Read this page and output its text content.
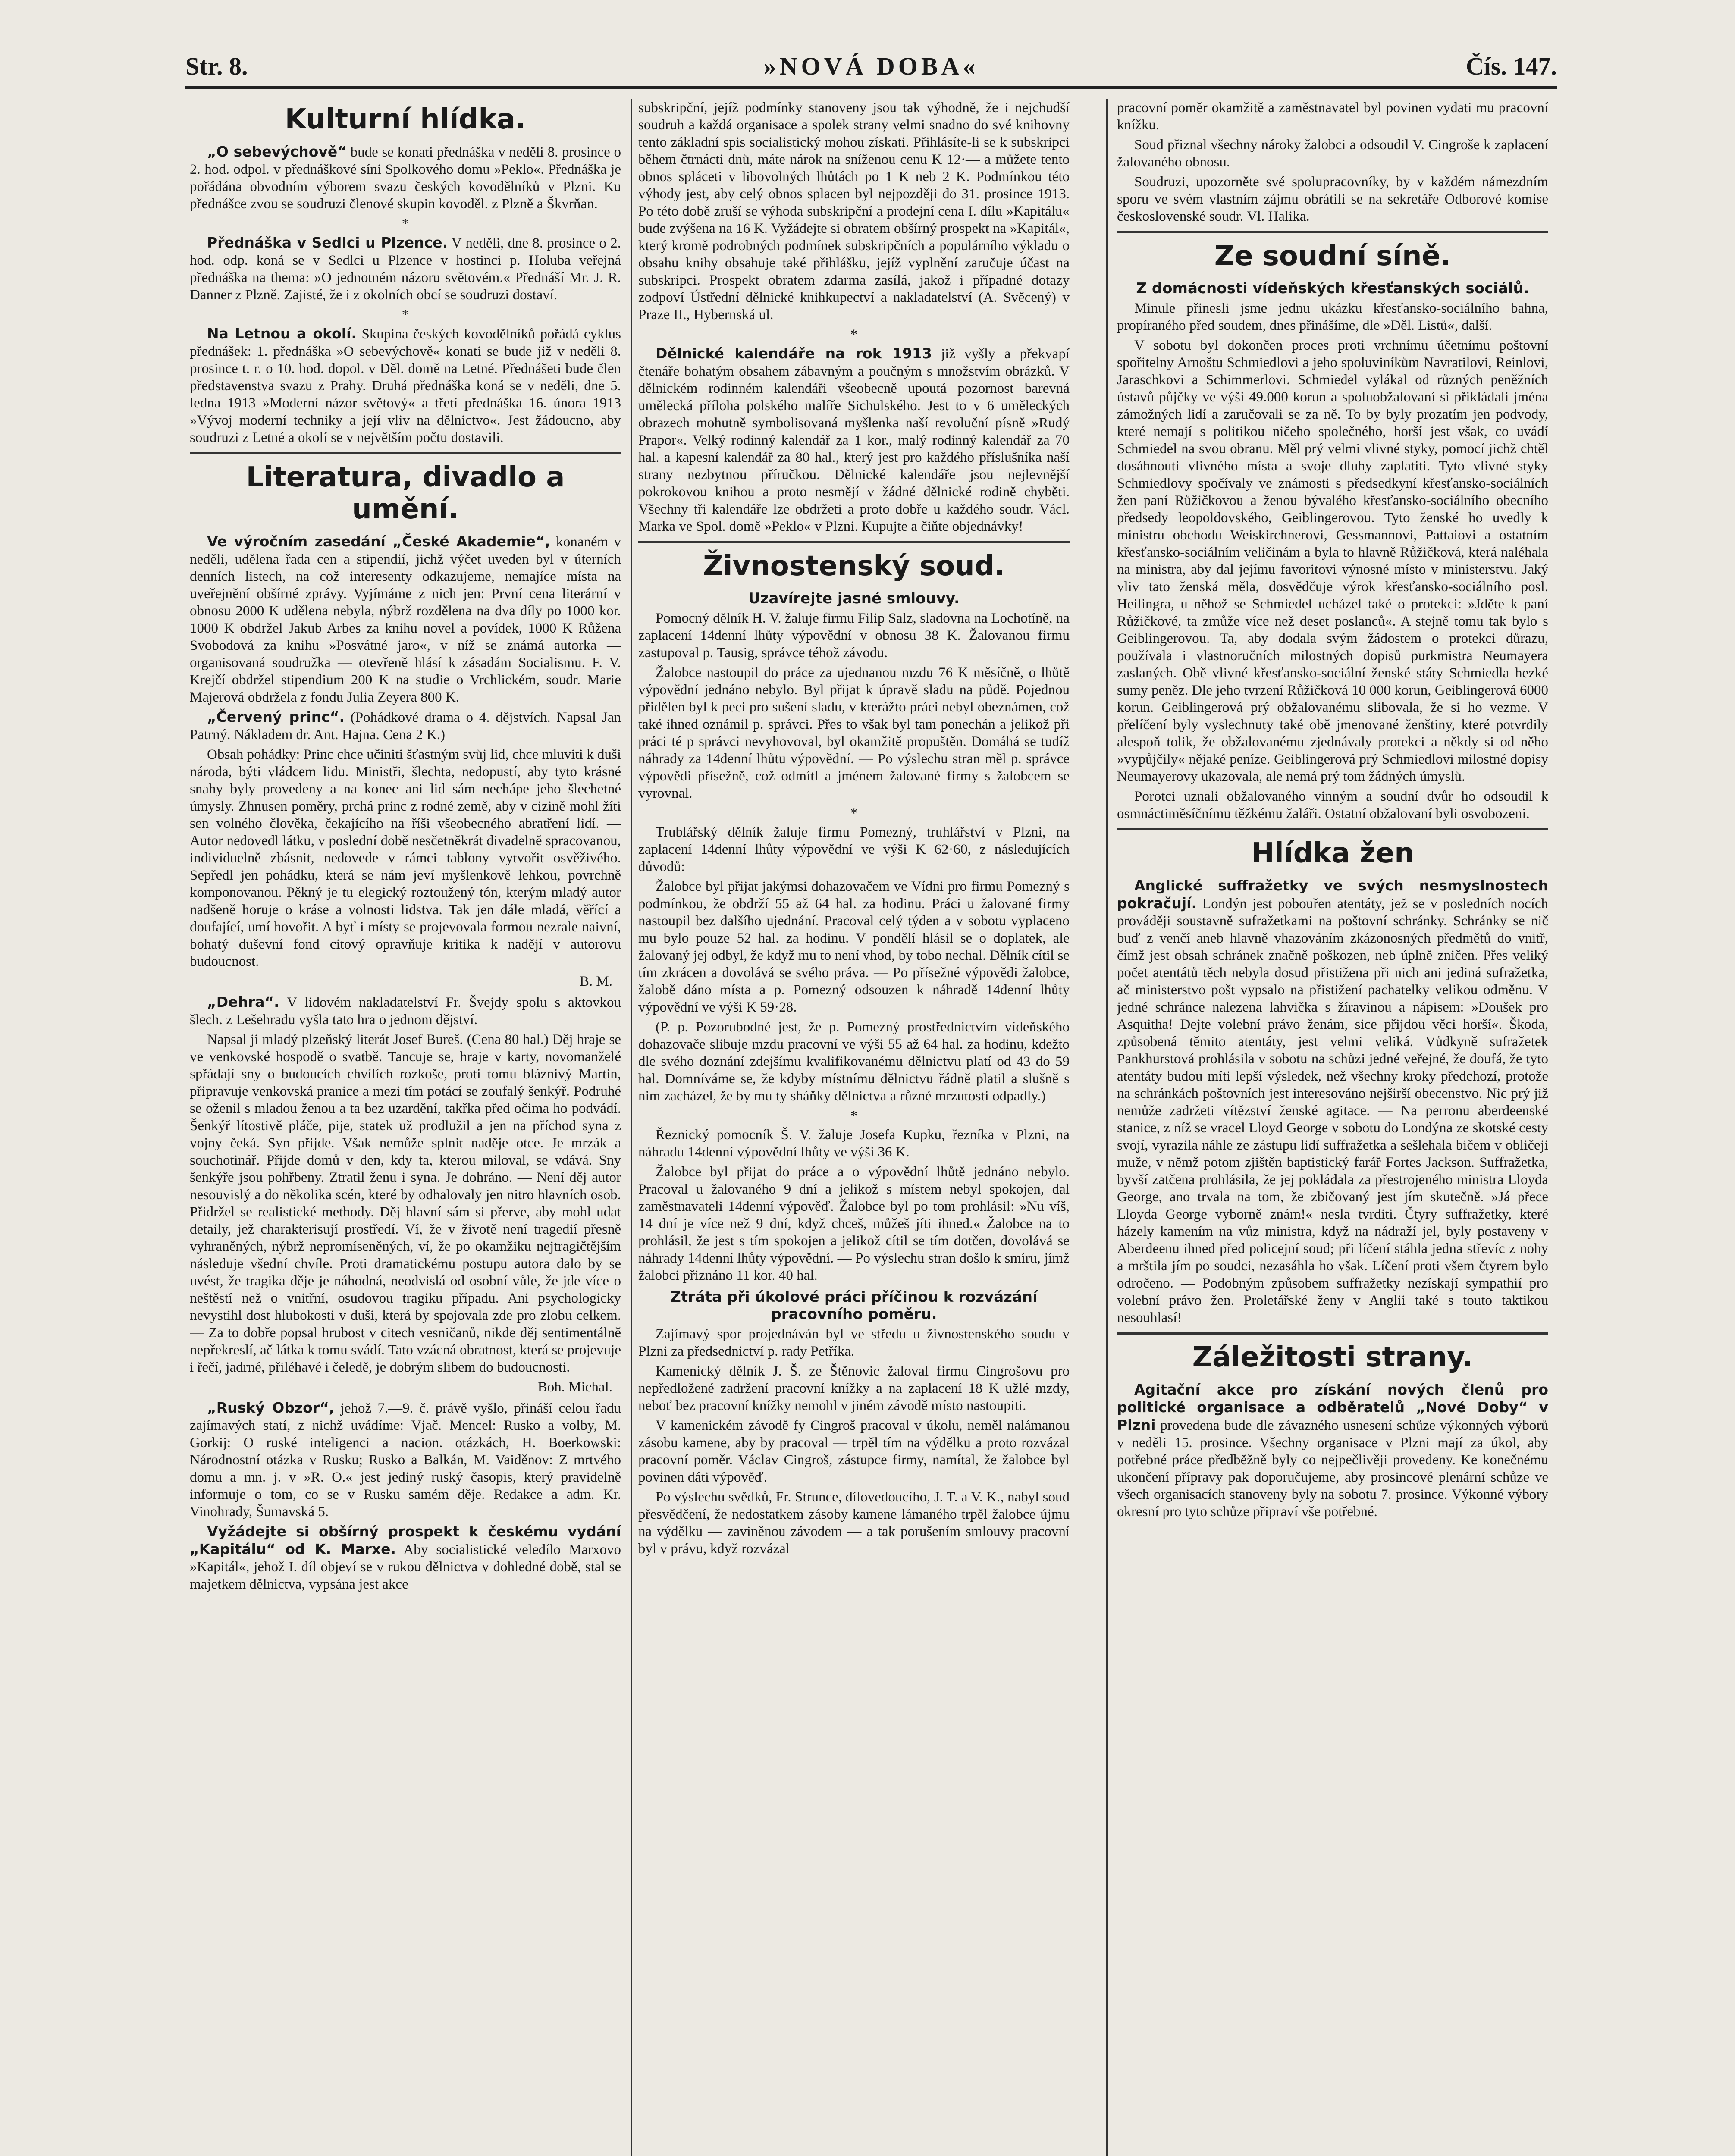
Str. 8.	»NOVÁ DOBA«	Čís. 147.
Kulturní hlídka.

„O sebevýchově“ bude se konati přednáška v neděli 8. prosince o 2. hod. odpol. v přednáškové síni Spolkového domu »Peklo«. Přednáška je pořádána obvodním výborem svazu českých kovodělníků v Plzni. Ku přednášce zvou se soudruzi členové skupin kovoděl. z Plzně a Škvrňan.

*

Přednáška v Sedlci u Plzence. V neděli, dne 8. prosince o 2. hod. odp. koná se v Sedlci u Plzence v hostinci p. Holuba veřejná přednáška na thema: »O jednotném názoru světovém.« Přednáší Mr. J. R. Danner z Plzně. Zajisté, že i z okolních obcí se soudruzi dostaví.

*

Na Letnou a okolí. Skupina českých kovodělníků pořádá cyklus přednášek: 1. přednáška »O sebevýchově« konati se bude již v neděli 8. prosince t. r. o 10. hod. dopol. v Děl. domě na Letné. Přednášeti bude člen představenstva svazu z Prahy. Druhá přednáška koná se v neděli, dne 5. ledna 1913 »Moderní názor světový« a třetí přednáška 16. února 1913 »Vývoj moderní techniky a její vliv na dělnictvo«. Jest žádoucno, aby soudruzi z Letné a okolí se v největším počtu dostavili.

Literatura, divadlo a umění.

Ve výročním zasedání „České Akademie“, konaném v neděli, udělena řada cen a stipendií, jichž výčet uveden byl v úterních denních listech, na což interesenty odkazujeme, nemajíce místa na uveřejnění obšírné zprávy. Vyjímáme z nich jen: První cena literární v obnosu 2000 K udělena nebyla, nýbrž rozdělena na dva díly po 1000 kor. 1000 K obdržel Jakub Arbes za knihu novel a povídek, 1000 K Růžena Svobodová za knihu »Posvátné jaro«, v níž se známá autorka — organisovaná soudružka — otevřeně hlásí k zásadám Socialismu. F. V. Krejčí obdržel stipendium 200 K na studie o Vrchlickém, soudr. Marie Majerová obdržela z fondu Julia Zeyera 800 K.

„Červený princ“. (Pohádkové drama o 4. dějstvích. Napsal Jan Patrný. Nákladem dr. Ant. Hajna. Cena 2 K.)

Obsah pohádky: Princ chce učiniti šťastným svůj lid, chce mluviti k duši národa, býti vládcem lidu. Ministři, šlechta, nedopustí, aby tyto krásné snahy byly provedeny a na konec ani lid sám nechápe jeho šlechetné úmysly. Zhnusen poměry, prchá princ z rodné země, aby v cizině mohl žíti sen volného člověka, čekajícího na říši všeobecného abratření lidí. — Autor nedovedl látku, v poslední době nesčetněkrát divadelně spracovanou, individuelně zbásnit, nedovede v rámci tablony vytvořit osvěživého. Sepředl jen pohádku, která se nám jeví myšlenkově lehkou, povrchně komponovanou. Pěkný je tu elegický roztoužený tón, kterým mladý autor nadšeně horuje o kráse a volnosti lidstva. Tak jen dále mladá, věřící a doufající, umí hovořit. A byť i místy se projevovala formou nezrale naivní, bohatý duševní fond citový opravňuje kritika k nadějí v autorovu budoucnost.

B. M.

„Dehra“. V lidovém nakladatelství Fr. Švejdy spolu s aktovkou šlech. z Lešehradu vyšla tato hra o jednom dějství.

Napsal ji mladý plzeňský literát Josef Bureš. (Cena 80 hal.) Děj hraje se ve venkovské hospodě o svatbě. Tancuje se, hraje v karty, novomanželé spřádají sny o budoucích chvílích rozkoše, proti tomu bláznivý Martin, připravuje venkovská pranice a mezi tím potácí se zoufalý šenkýř. Podruhé se oženil s mladou ženou a ta bez uzardění, takřka před očima ho podvádí. Šenkýř lítostivě pláče, pije, statek už prodlužil a jen na příchod syna z vojny čeká. Syn přijde. Však nemůže splnit naděje otce. Je mrzák a souchotinář. Přijde domů v den, kdy ta, kterou miloval, se vdává. Sny šenkýře jsou pohřbeny. Ztratil ženu i syna. Je dohráno. — Není děj autor nesouvislý a do několika scén, které by odhalovaly jen nitro hlavních osob. Přidržel se realistické methody. Děj hlavní sám si přerve, aby mohl udat detaily, jež charakterisují prostředí. Ví, že v životě není tragedií přesně vyhraněných, nýbrž nepromíseněných, ví, že po okamžiku nejtragičtějším následuje všední chvíle. Proti dramatickému postupu autora dalo by se uvést, že tragika děje je náhodná, neodvislá od osobní vůle, že jde více o neštěstí než o vnitřní, osudovou tragiku případu. Ani psychologicky nevystihl dost hlubokosti v duši, která by spojovala zde pro zlobu celkem. — Za to dobře popsal hrubost v citech vesničanů, nikde děj sentimentálně nepřekreslí, ač látka k tomu svádí. Tato vzácná obratnost, která se projevuje i řečí, jadrné, přiléhavé i čeledě, je dobrým slibem do budoucnosti.

Boh. Michal.

„Ruský Obzor“, jehož 7.—9. č. právě vyšlo, přináší celou řadu zajímavých statí, z nichž uvádíme: Vjač. Mencel: Rusko a volby, M. Gorkij: O ruské inteligenci a nacion. otázkách, H. Boerkowski: Národnostní otázka v Rusku; Rusko a Balkán, M. Vaiděnov: Z mrtvého domu a mn. j. v »R. O.« jest jediný ruský časopis, který pravidelně informuje o tom, co se v Rusku samém děje. Redakce a adm. Kr. Vinohrady, Šumavská 5.

Vyžádejte si obšírný prospekt k českému vydání „Kapitálu“ od K. Marxe. Aby socialistické veledílo Marxovo »Kapitál«, jehož I. díl objeví se v rukou dělnictva v dohledné době, stal se majetkem dělnictva, vypsána jest akce

subskripční, jejíž podmínky stanoveny jsou tak výhodně, že i nejchudší soudruh a každá organisace a spolek strany velmi snadno do své knihovny tento základní spis socialistický mohou získati. Přihlásíte-li se k subskripci během čtrnácti dnů, máte nárok na sníženou cenu K 12·— a můžete tento obnos spláceti v libovolných lhůtách po 1 K neb 2 K. Podmínkou této výhody jest, aby celý obnos splacen byl nejpozději do 31. prosince 1913. Po této době zruší se výhoda subskripční a prodejní cena I. dílu »Kapitálu« bude zvýšena na 16 K. Vyžádejte si obratem obšírný prospekt na »Kapitál«, který kromě podrobných podmínek subskripčních a populárního výkladu o obsahu knihy obsahuje také přihlášku, jejíž vyplnění zaručuje účast na subskripci. Prospekt obratem zdarma zasílá, jakož i případné dotazy zodpoví Ústřední dělnické knihkupectví a nakladatelství (A. Svěcený) v Praze II., Hybernská ul.

*

Dělnické kalendáře na rok 1913 již vyšly a překvapí čtenáře bohatým obsahem zábavným a poučným s množstvím obrázků. V dělnickém rodinném kalendáři všeobecně upoutá pozornost barevná umělecká příloha polského malíře Sichulského. Jest to v 6 uměleckých obrazech mohutně symbolisovaná myšlenka naší revoluční písně »Rudý Prapor«. Velký rodinný kalendář za 1 kor., malý rodinný kalendář za 70 hal. a kapesní kalendář za 80 hal., který jest pro každého příslušníka naší strany nezbytnou příručkou. Dělnické kalendáře jsou nejlevnější pokrokovou knihou a proto nesmějí v žádné dělnické rodině chyběti. Všechny tři kalendáře lze obdržeti a proto dobře u každého soudr. Václ. Marka ve Spol. domě »Peklo« v Plzni. Kupujte a čiňte objednávky!

Živnostenský soud.
Uzavírejte jasné smlouvy.

Pomocný dělník H. V. žaluje firmu Filip Salz, sladovna na Lochotíně, na zaplacení 14denní lhůty výpovědní v obnosu 38 K. Žalovanou firmu zastupoval p. Tausig, správce téhož závodu.

Žalobce nastoupil do práce za ujednanou mzdu 76 K měsíčně, o lhůtě výpovědní jednáno nebylo. Byl přijat k úpravě sladu na půdě. Pojednou přidělen byl k peci pro sušení sladu, v kterážto práci nebyl obeznámen, což také ihned oznámil p. správci. Přes to však byl tam ponechán a jelikož při práci té p správci nevyhovoval, byl okamžitě propuštěn. Domáhá se tudíž náhrady za 14denní lhůtu výpovědní. — Po výslechu stran měl p. správce výpovědi přísežně, což odmítl a jménem žalované firmy s žalobcem se vyrovnal.

*

Trublářský dělník žaluje firmu Pomezný, truhlářství v Plzni, na zaplacení 14denní lhůty výpovědní ve výši K 62·60, z následujících důvodů:

Žalobce byl přijat jakýmsi dohazovačem ve Vídni pro firmu Pomezný s podmínkou, že obdrží 55 až 64 hal. za hodinu. Práci u žalované firmy nastoupil bez dalšího ujednání. Pracoval celý týden a v sobotu vyplaceno mu bylo pouze 52 hal. za hodinu. V pondělí hlásil se o doplatek, ale žalovaný jej odbyl, že když mu to není vhod, by tobo nechal. Dělník cítil se tím zkrácen a dovolává se svého práva. — Po přísežné výpovědi žalobce, žalobě dáno místa a p. Pomezný odsouzen k náhradě 14denní lhůty výpovědní ve výši K 59·28.

(P. p. Pozorubodné jest, že p. Pomezný prostřednictvím vídeňského dohazovače slibuje mzdu pracovní ve výši 55 až 64 hal. za hodinu, kdežto dle svého doznání zdejšímu kvalifikovanému dělnictvu platí od 43 do 59 hal. Domníváme se, že kdyby místnímu dělnictvu řádně platil a slušně s nim zacházel, že by mu ty sháňky dělnictva a různé mrzutosti odpadly.)

*

Řeznický pomocník Š. V. žaluje Josefa Kupku, řezníka v Plzni, na náhradu 14denní výpovědní lhůty ve výši 36 K.

Žalobce byl přijat do práce a o výpovědní lhůtě jednáno nebylo. Pracoval u žalovaného 9 dní a jelikož s místem nebyl spokojen, dal zaměstnavateli 14denní výpověď. Žalobce byl po tom prohlásil: »Nu víš, 14 dní je více než 9 dní, když chceš, můžeš jíti ihned.« Žalobce na to prohlásil, že jest s tím spokojen a jelikož cítil se tím dotčen, dovolává se náhrady 14denní lhůty výpovědní. — Po výslechu stran došlo k smíru, jímž žalobci přiznáno 11 kor. 40 hal.

Ztráta při úkolové práci příčinou k rozvázání pracovního poměru.

Zajímavý spor projednáván byl ve středu u živnostenského soudu v Plzni za předsednictví p. rady Petříka.

Kamenický dělník J. Š. ze Štěnovic žaloval firmu Cingrošovu pro nepředložené zadržení pracovní knížky a na zaplacení 18 K užlé mzdy, neboť bez pracovní knížky nemohl v jiném závodě místo nastoupiti.

V kamenickém závodě fy Cingroš pracoval v úkolu, neměl nalámanou zásobu kamene, aby by pracoval — trpěl tím na výdělku a proto rozvázal pracovní poměr. Václav Cingroš, zástupce firmy, namítal, že žalobce byl povinen dáti výpověď.

Po výslechu svědků, Fr. Strunce, dílovedoucího, J. T. a V. K., nabyl soud přesvědčení, že nedostatkem zásoby kamene lámaného trpěl žalobce újmu na výdělku — zaviněnou závodem — a tak porušením smlouvy pracovní byl v právu, když rozvázal

pracovní poměr okamžitě a zaměstnavatel byl povinen vydati mu pracovní knížku.

Soud přiznal všechny nároky žalobci a odsoudil V. Cingroše k zaplacení žalovaného obnosu.

Soudruzi, upozorněte své spolupracovníky, by v každém námezdním sporu ve svém vlastním zájmu obrátili se na sekretáře Odborové komise československé soudr. Vl. Halika.

Ze soudní síně.
Z domácnosti vídeňských křesťanských sociálů.

Minule přinesli jsme jednu ukázku křesťansko-sociálního bahna, propíraného před soudem, dnes přinášíme, dle »Děl. Listů«, další.

V sobotu byl dokončen proces proti vrchnímu účetnímu poštovní spořitelny Arnoštu Schmiedlovi a jeho spoluviníkům Navratilovi, Reinlovi, Jaraschkovi a Schimmerlovi. Schmiedel vylákal od různých peněžních ústavů půjčky ve výši 49.000 korun a spoluobžalovaní si přikládali jména zámožných lidí a zaručovali se za ně. To by byly prozatím jen podvody, které nemají s politikou ničeho společného, horší jest však, co uvádí Schmiedel na svou obranu. Měl prý velmi vlivné styky, pomocí jichž chtěl dosáhnouti vlivného místa a svoje dluhy zaplatiti. Tyto vlivné styky Schmiedlovy spočívaly ve známosti s předsedkyní křesťansko-sociálních žen paní Růžičkovou a ženou bývalého křesťansko-sociálního obecního předsedy leopoldovského, Geiblingerovou. Tyto ženské ho uvedly k ministru obchodu Weiskirchnerovi, Gessmannovi, Pattaiovi a ostatním křesťansko-sociálním veličinám a byla to hlavně Růžičková, která naléhala na ministra, aby dal jejímu favoritovi výnosné místo v ministerstvu. Jaký vliv tato ženská měla, dosvědčuje výrok křesťansko-sociálního posl. Heilingra, u něhož se Schmiedel ucházel také o protekci: »Jděte k paní Růžičkové, ta zmůže více než deset poslanců«. A stejně tomu tak bylo s Geiblingerovou. Ta, aby dodala svým žádostem o protekci důrazu, používala i vlastnoručních milostných dopisů purkmistra Neumayera zaslaných. Obě vlivné křesťansko-sociální ženské státy Schmiedla hezké sumy peněz. Dle jeho tvrzení Růžičková 10 000 korun, Geiblingerová 6000 korun. Geiblingerová prý obžalovanému slibovala, že si ho vezme. V přelíčení byly vyslechnuty také obě jmenované ženštiny, které potvrdily alespoň tolik, že obžalovanému zjednávaly protekci a někdy si od něho »vypůjčily« nějaké peníze. Geiblingerová prý Schmiedlovi milostné dopisy Neumayerovy ukazovala, ale nemá prý tom žádných úmyslů.

Porotci uznali obžalovaného vinným a soudní dvůr ho odsoudil k osmnáctiměsíčnímu těžkému žaláři. Ostatní obžalovaní byli osvobozeni.

Hlídka žen

Anglické suffražetky ve svých nesmyslnostech pokračují. Londýn jest pobouřen atentáty, jež se v posledních nocích prováději soustavně sufražetkami na poštovní schránky. Schránky se nič buď z venčí aneb hlavně vhazováním zkázonosných předmětů do vnitř, čímž jest obsah schránek značně poškozen, neb úplně zničen. Přes veliký počet atentátů těch nebyla dosud přistižena při nich ani jediná sufražetka, ač ministerstvo pošt vypsalo na přistižení pachatelky velikou odměnu. V jedné schránce nalezena lahvička s žíravinou a nápisem: »Doušek pro Asquitha! Dejte volební právo ženám, sice přijdou věci horší«. Škoda, způsobená těmito atentáty, jest velmi veliká. Vůdkyně sufražetek Pankhurstová prohlásila v sobotu na schůzi jedné veřejné, že doufá, že tyto atentáty budou míti lepší výsledek, než všechny kroky předchozí, protože na schránkách poštovních jest interesováno nejširší obecenstvo. Nic prý již nemůže zadržeti vítězství ženské agitace. — Na perronu aberdeenské stanice, z níž se vracel Lloyd George v sobotu do Londýna ze skotské cesty svojí, vyrazila náhle ze zástupu lidí suffražetka a sešlehala bičem v obličeji muže, v němž potom zjištěn baptistický farář Fortes Jackson. Suffražetka, byvší zatčena prohlásila, že jej pokládala za přestrojeného ministra Lloyda George, ano trvala na tom, že zbičovaný jest jím skutečně. »Já přece Lloyda George vyborně znám!« nesla tvrditi. Čtyry suffražetky, které házely kamením na vůz ministra, když na nádraží jel, byly postaveny v Aberdeenu ihned před policejní soud; při líčení stáhla jedna střevíc z nohy a mrštila jím po soudci, nezasáhla ho však. Líčení proti všem čtyrem bylo odročeno. — Podobným způsobem suffražetky nezískají sympathií pro volební právo žen. Proletářské ženy v Anglii také s touto taktikou nesouhlasí!

Záležitosti strany.

Agitační akce pro získání nových členů pro politické organisace a odběratelů „Nové Doby“ v Plzni provedena bude dle závazného usnesení schůze výkonných výborů v neděli 15. prosince. Všechny organisace v Plzni mají za úkol, aby potřebné práce předběžně byly co nejpečlivěji provedeny. Ke konečnému ukončení přípravy pak doporučujeme, aby prosincové plenární schůze ve všech organisacích stanoveny byly na sobotu 7. prosince. Výkonné výbory okresní pro tyto schůze připraví vše potřebné.
